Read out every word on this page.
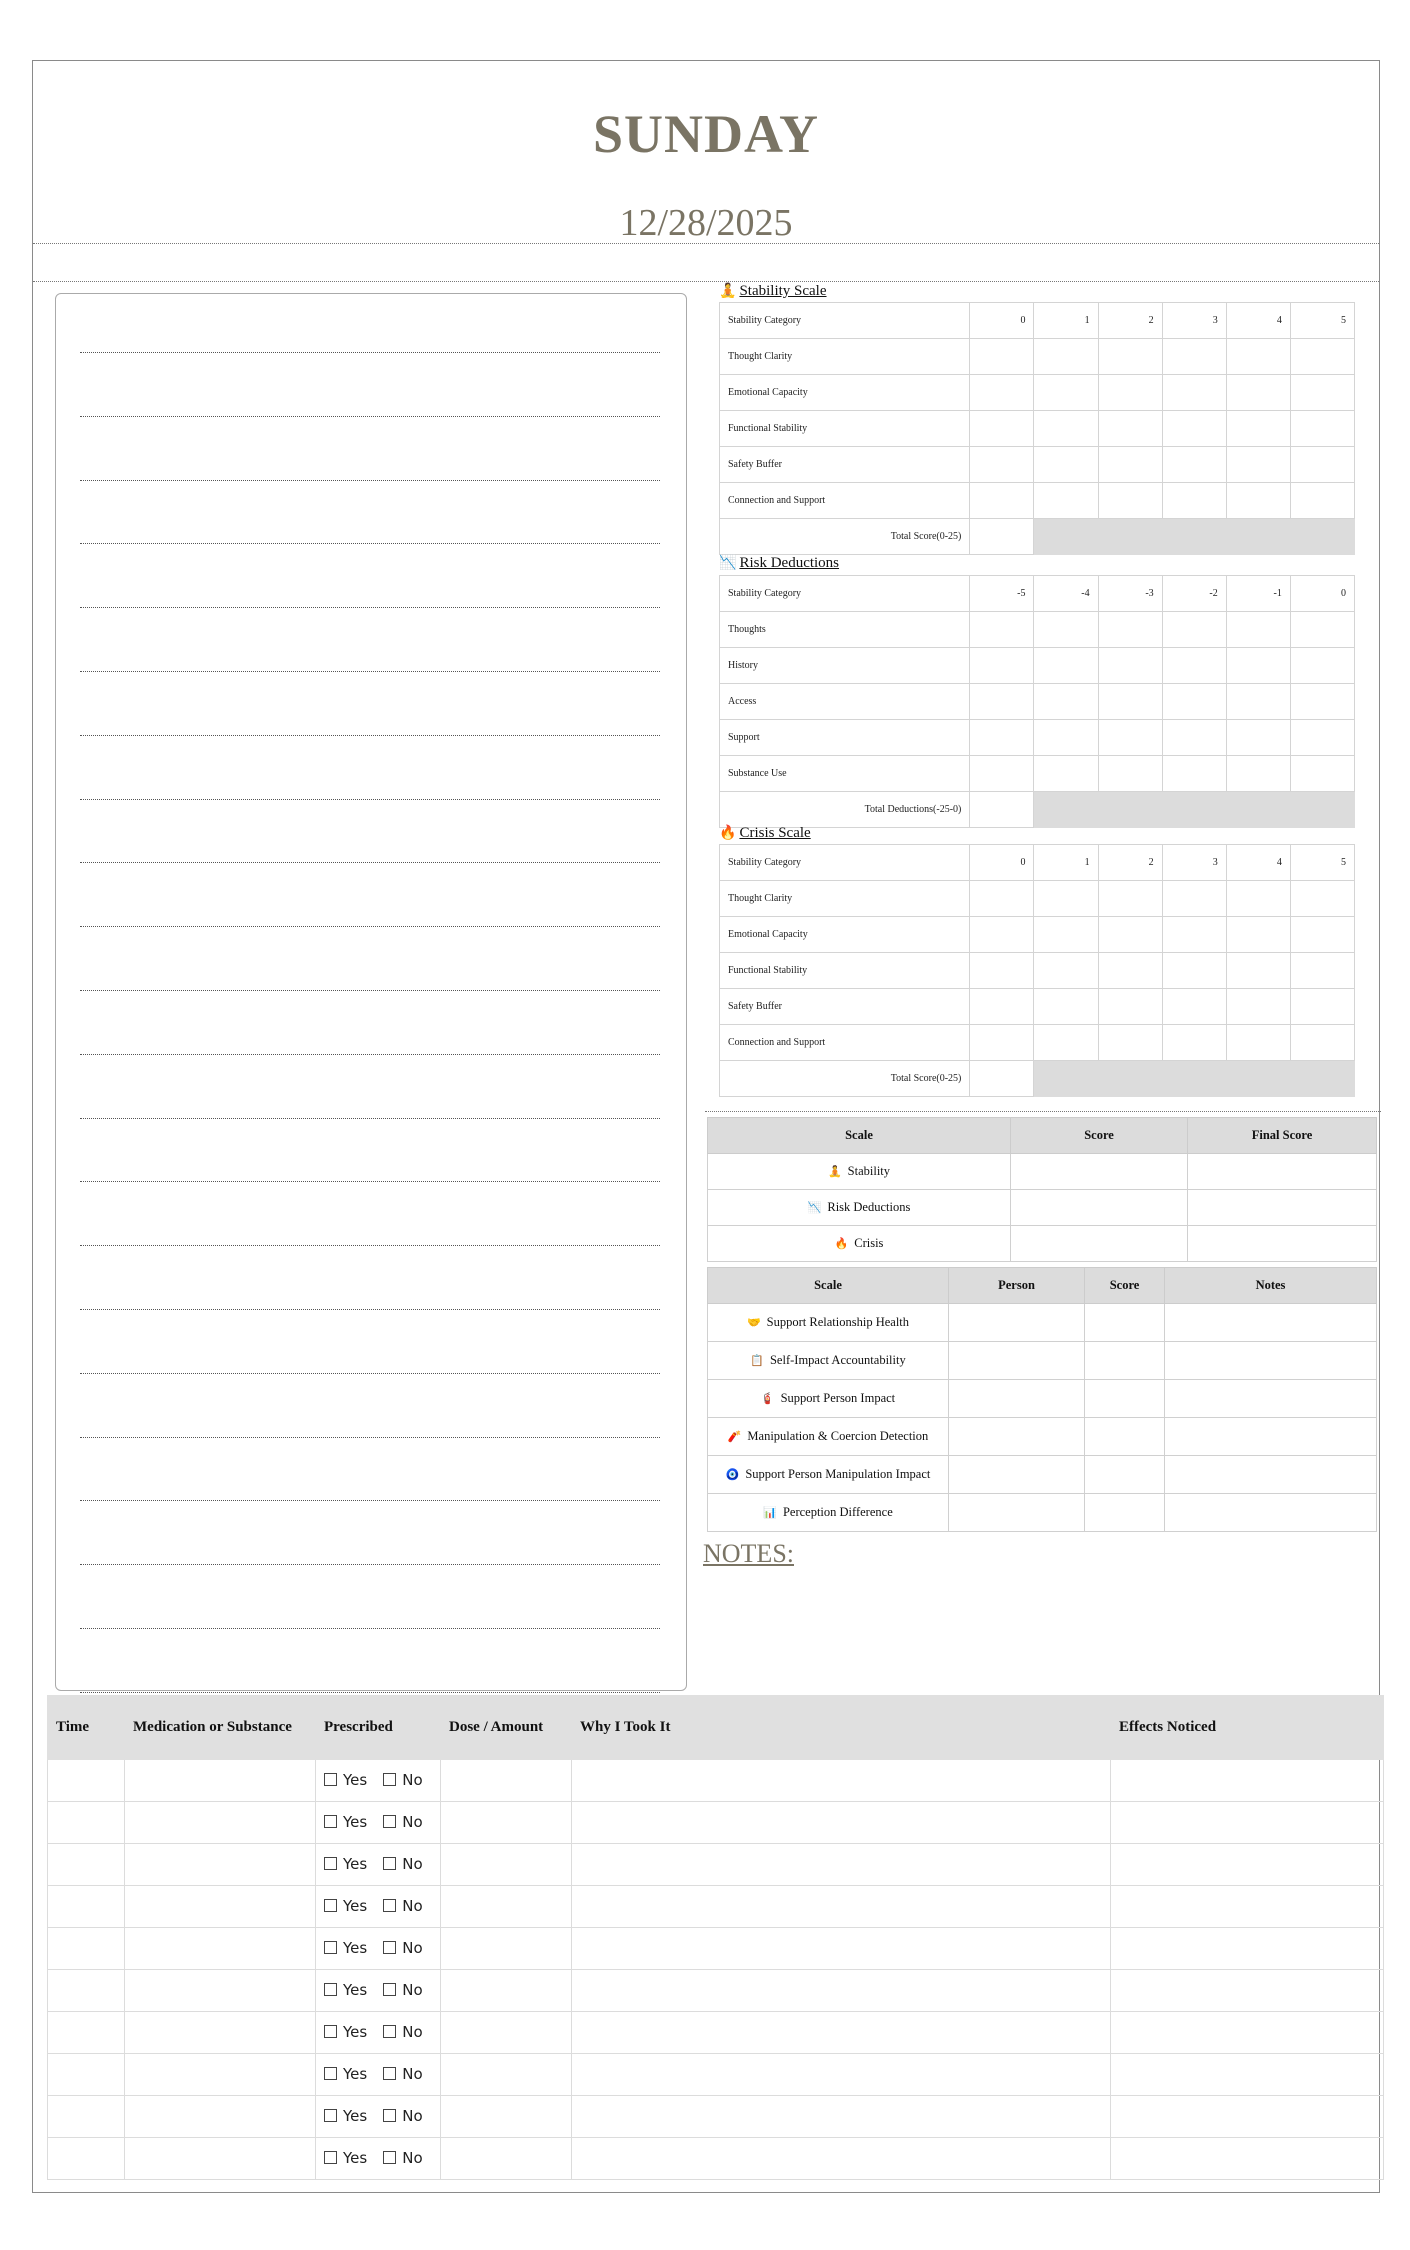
SUNDAY
12/28/2025
🧘 Stability Scale
Stability Category	0	1	2	3	4	5
Thought Clarity						
Emotional Capacity						
Functional Stability						
Safety Buffer						
Connection and Support						
Total Score(0-25)						
📉 Risk Deductions
Stability Category	-5	-4	-3	-2	-1	0
Thoughts						
History						
Access						
Support						
Substance Use						
Total Deductions(-25-0)						
🔥 Crisis Scale
Stability Category	0	1	2	3	4	5
Thought Clarity						
Emotional Capacity						
Functional Stability						
Safety Buffer						
Connection and Support						
Total Score(0-25)						
Scale	Score	Final Score
🧘 Stability		
📉 Risk Deductions		
🔥 Crisis		
Scale	Person	Score	Notes
🤝 Support Relationship Health			
📋 Self-Impact Accountability			
🧯 Support Person Impact			
🧨 Manipulation & Coercion Detection			
🧿 Support Person Manipulation Impact			
📊 Perception Difference			
NOTES:
Time	Medication or Substance	Prescribed	Dose / Amount	Why I Took It	Effects Noticed
		Yes No			
		Yes No			
		Yes No			
		Yes No			
		Yes No			
		Yes No			
		Yes No			
		Yes No			
		Yes No			
		Yes No			
